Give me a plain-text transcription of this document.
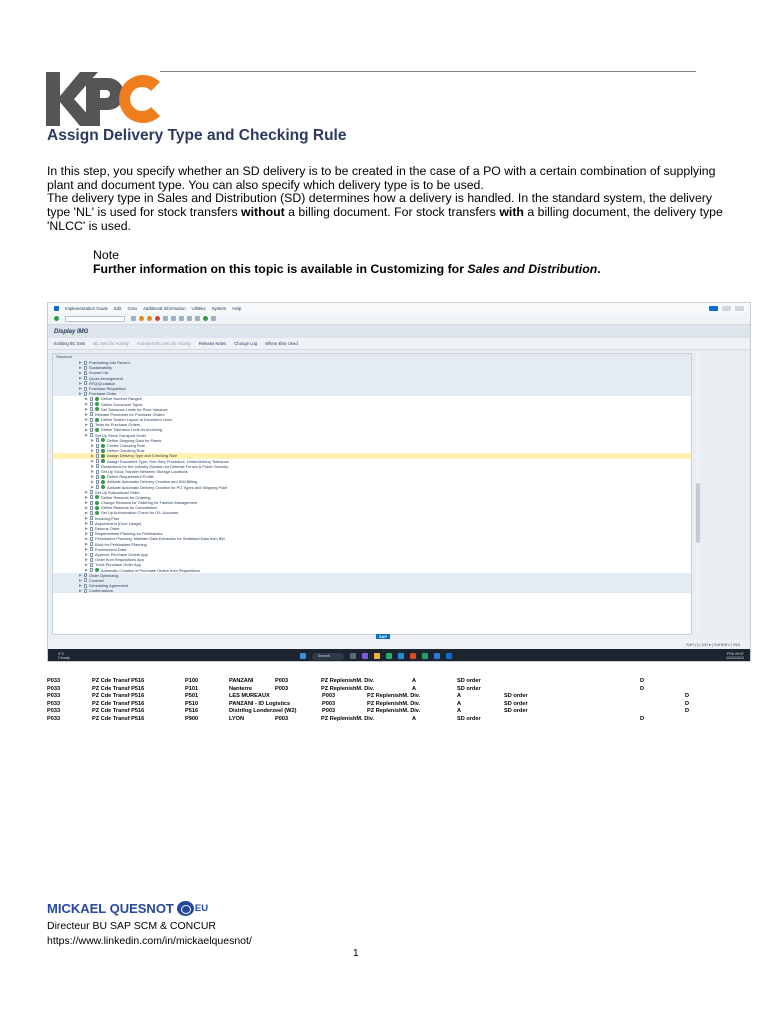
Assign Delivery Type and Checking Rule
In this step, you specify whether an SD delivery is to be created in the case of a PO with a certain combination of supplying plant and document type. You can also specify which delivery type is to be used.
The delivery type in Sales and Distribution (SD) determines how a delivery is handled. In the standard system, the delivery type 'NL' is used for stock transfers without a billing document. For stock transfers with a billing document, the delivery type 'NLCC' is used.
Note
Further information on this topic is available in Customizing for Sales and Distribution.
Implementation Guide Edit Goto Additional Information Utilities System Help
Display IMG
Existing BC Sets BC Sets for Activity Activated BC Sets for Activity Release Notes Change Log Where Else Used
Structure
Purchasing Info Record
Sustainability
Source List
Quota Arrangement
RFQ/Quotation
Purchase Requisition
Purchase Order
Define Number Ranges
Define Document Types
Set Tolerance Limits for Price Variance
Release Procedure for Purchase Orders
Define Screen Layout at Document Level
Texts for Purchase Orders
Define Tolerance Limit for Archiving
Set Up Stock Transport Order
Define Shipping Data for Plants
Create Checking Rule
Define Checking Rule
Assign Delivery Type and Checking Rule
Assign Document Type, One-Step Procedure, Underdelivery Tolerance
Restrictions for the Industry Solution for Defense Forces & Public Security
Set Up Stock Transfer Between Storage Locations
Define Requirement Profile
Activate Automatic Delivery Creation and IDM Billing
Activate Automatic Delivery Creation for PO Types and Shipping Point
Set Up Subcontract Order
Define Reasons for Ordering
Change Reasons for Ordering for Fashion Management
Define Reasons for Cancellation
Set Up Authorization Check for G/L Accounts
Invoicing Plan
Appointment (Door Usage)
Returns Order
Requirements Planning for Perishables
Perishables Planning: Maintain Data Extraction for Statistical Data from BW
BAdI for Perishables Planning
Environment Data
Approve Purchase Orders App
Order from Requisitions App
Track Purchase Order App
Automatic Creation of Purchase Orders from Requisitions
Order Optimizing
Contract
Scheduling Agreement
Confirmations
SAP
S4H (1) 100 ▾ | S4HDEV | INS
4°C
Cloudy
Search	FRA 09:57
13/03/2024
P033	PZ Cde Transf P516	P100	PANZANI	P003	PZ ReplenishM. Div.	A	SD order	D
P033	PZ Cde Transf P516	P101	Nanterre	P003	PZ ReplenishM. Div.	A	SD order	D
P033	PZ Cde Transf P516	P501	LES MUREAUX	P003	PZ ReplenishM. Div.	A	SD order	D
P033	PZ Cde Transf P516	P510	PANZANI - ID Logistics	P003	PZ ReplenishM. Div.	A	SD order	D
P033	PZ Cde Transf P516	P516	Distrilog Londerzeel (W2)	P003	PZ ReplenishM. Div.	A	SD order	D
P033	PZ Cde Transf P516	P900	LYON	P003	PZ ReplenishM. Div.	A	SD order	D
MICKAEL QUESNOT EU
Directeur BU SAP SCM & CONCUR
https://www.linkedin.com/in/mickaelquesnot/
1
